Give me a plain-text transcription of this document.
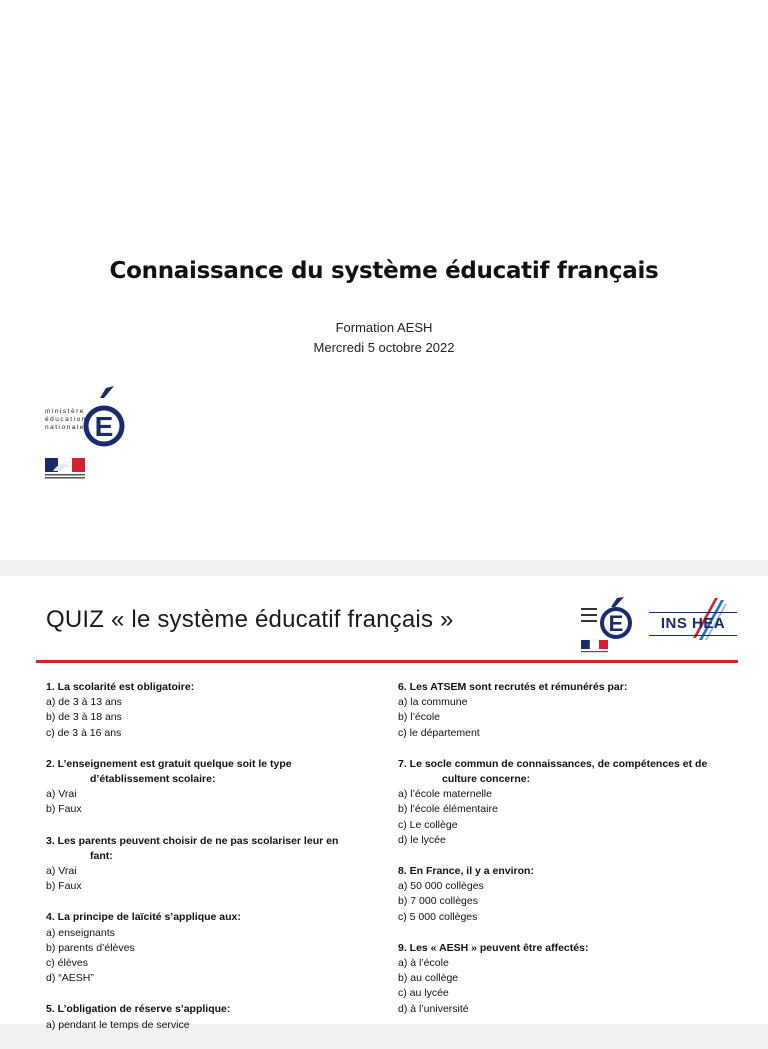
Connaissance du système éducatif français
Formation AESH
Mercredi 5 octobre 2022
ministère
éducation
nationale E
QUIZ « le système éducatif français »	E	INS HEA
1. La scolarité est obligatoire:
a) de 3 à 13 ans
b) de 3 à 18 ans
c) de 3 à 16 ans
2. L’enseignement est gratuit quelque soit le type
d’établissement scolaire:
a) Vrai
b) Faux
3. Les parents peuvent choisir de ne pas scolariser leur en
fant:
a) Vrai
b) Faux
4. La principe de laïcité s’applique aux:
a) enseignants
b) parents d’élèves
c) élèves
d) “AESH”
5. L’obligation de réserve s’applique:
a) pendant le temps de service
6. Les ATSEM sont recrutés et rémunérés par:
a) la commune
b) l’école
c) le département
7. Le socle commun de connaissances, de compétences et de
culture concerne:
a) l’école maternelle
b) l’école élémentaire
c) Le collège
d) le lycée
8. En France, il y a environ:
a) 50 000 collèges
b) 7 000 collèges
c) 5 000 collèges
9. Les « AESH » peuvent être affectés:
a) à l’école
b) au collège
c) au lycée
d) à l’université
